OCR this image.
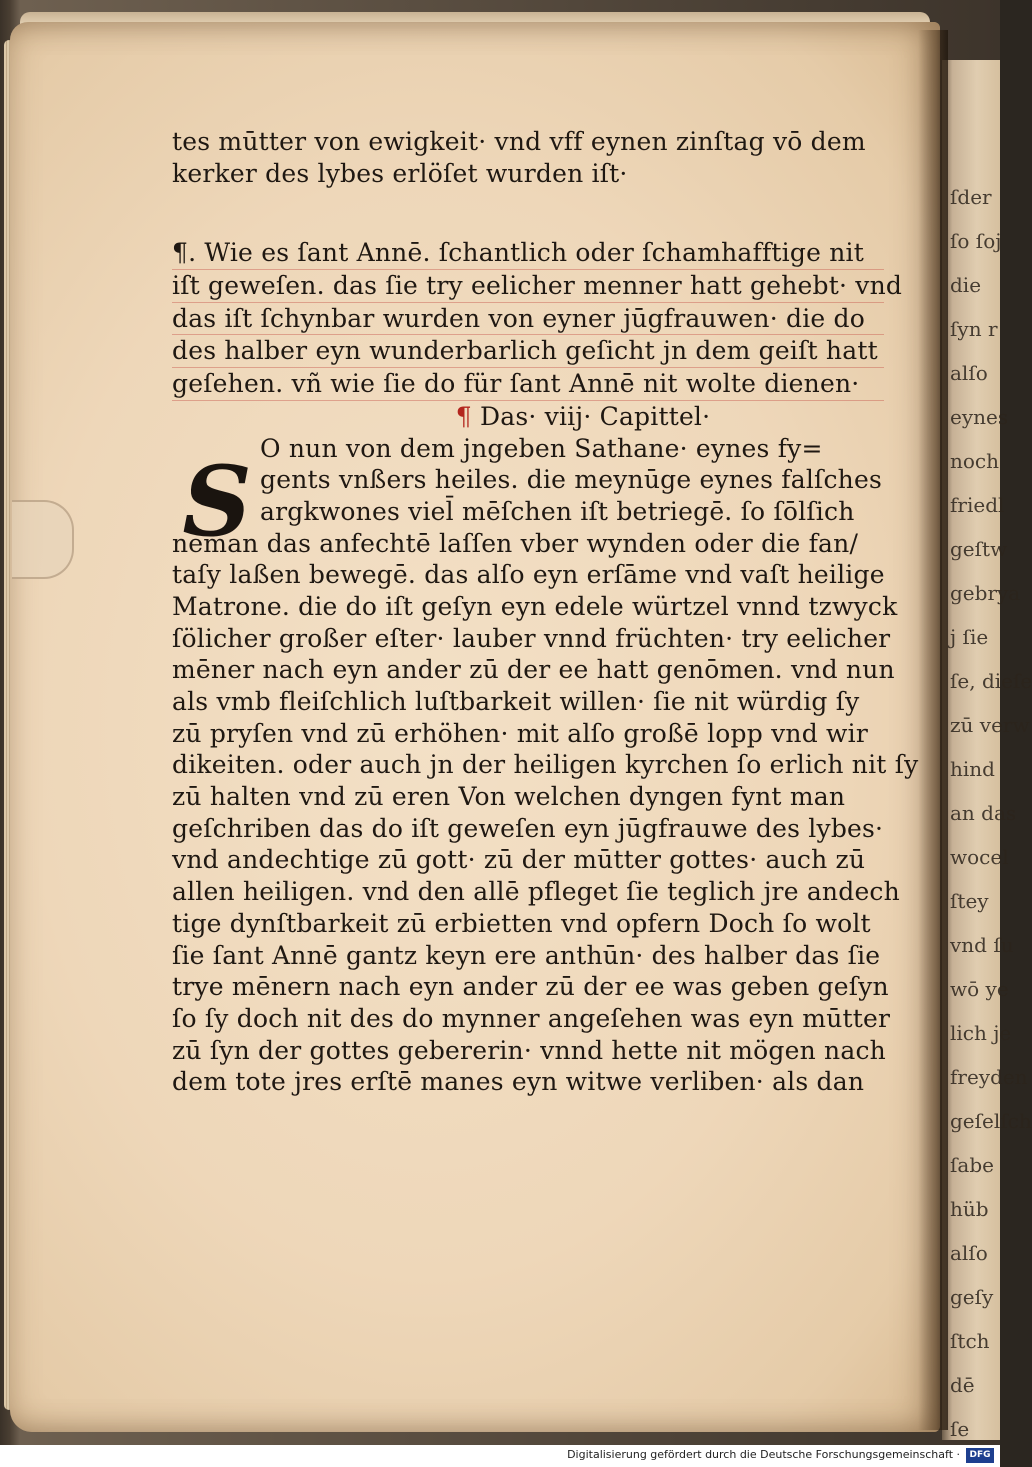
ſder
ſo ſoj
die
ſyn r
alſo
eynes
noch
friedl
geſtw
gebrya
j ſie
ſe, dieſe
zū verw
hind
an das
wocel
ſtey
vnd ſu
wō ye
lich je
freyden
geſelſch
ſabe
hüb
alſo
geſy
ſtch
dē
ſe
S
tes mūtter von ewigkeit· vnd vff eynen zinſtag vō dem
kerker des lybes erlöſet wurden iſt·
¶. Wie es ſant Annē. ſchantlich oder ſchamhafftige nit
iſt geweſen. das ſie try eelicher menner hatt gehebt· vnd
das iſt ſchynbar wurden von eyner jūgfrauwen· die do
des halber eyn wunderbarlich geſicht jn dem geiſt hatt
geſehen. vñ wie ſie do für ſant Annē nit wolte dienen·
¶ Das· viij· Capittel·
O nun von dem jngeben Sathane· eynes fy=
gents vnßers heiles. die meynūge eynes falſches
argkwones viel̄ mēſchen iſt betriegē. ſo ſōlſich
neman das anfechtē laſſen vber wynden oder die fan/
taſy laßen bewegē. das alſo eyn erſāme vnd vaſt heilige
Matrone. die do iſt geſyn eyn edele würtzel vnnd tzwyck
ſölicher großer eſter· lauber vnnd früchten· try eelicher
mēner nach eyn ander zū der ee hatt genōmen. vnd nun
als vmb fleiſchlich luſtbarkeit willen· ſie nit würdig ſy
zū pryſen vnd zū erhöhen· mit alſo großē lopp vnd wir
dikeiten. oder auch jn der heiligen kyrchen ſo erlich nit ſy
zū halten vnd zū eren Von welchen dyngen fynt man
geſchriben das do iſt geweſen eyn jūgfrauwe des lybes·
vnd andechtige zū gott· zū der mūtter gottes· auch zū
allen heiligen. vnd den allē pfleget ſie teglich jre andech
tige dynſtbarkeit zū erbietten vnd opfern Doch ſo wolt
ſie ſant Annē gantz keyn ere anthūn· des halber das ſie
trye mēnern nach eyn ander zū der ee was geben geſyn
ſo ſy doch nit des do mynner angeſehen was eyn mūtter
zū ſyn der gottes gebererin· vnnd hette nit mögen nach
dem tote jres erſtē manes eyn witwe verliben· als dan
Digitalisierung gefördert durch die Deutsche Forschungsgemeinschaft ·	DFG
